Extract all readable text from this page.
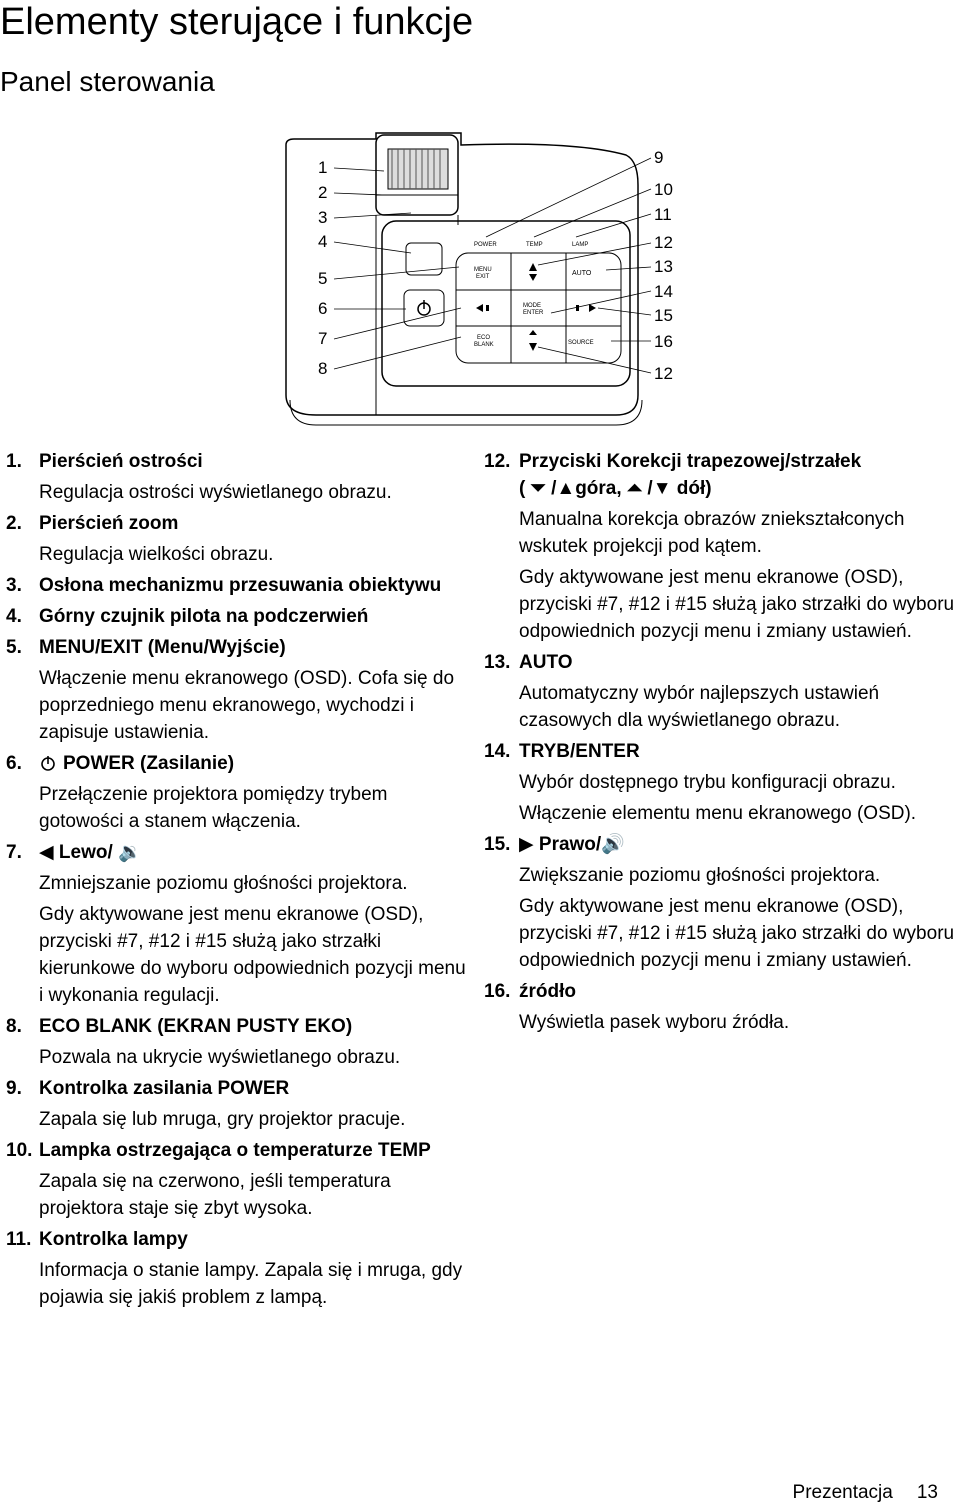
Elementy sterujące i funkcje
Panel sterowania
POWER	TEMP	LAMP
MENU EXIT	AUTO
MODE ENTER
ECO BLANK	SOURCE
1
2
3
4
5
6
7
8
9
10
11
12
13
14
15
16
12
1. Pierścień ostrości
Regulacja ostrości wyświetlanego obrazu.
2. Pierścień zoom
Regulacja wielkości obrazu.
3. Osłona mechanizmu przesuwania obiektywu
4. Górny czujnik pilota na podczerwień
5. MENU/EXIT (Menu/Wyjście)
Włączenie menu ekranowego (OSD). Cofa się do poprzedniego menu ekranowego, wychodzi i zapisuje ustawienia.
6.	POWER (Zasilanie)
Przełączenie projektora pomiędzy trybem gotowości a stanem włączenia.
7. ◀ Lewo/ 🔉
Zmniejszanie poziomu głośności projektora.
Gdy aktywowane jest menu ekranowe (OSD), przyciski #7, #12 i #15 służą jako strzałki kierunkowe do wyboru odpowiednich pozycji menu i wykonania regulacji.
8. ECO BLANK (EKRAN PUSTY EKO)
Pozwala na ukrycie wyświetlanego obrazu.
9. Kontrolka zasilania POWER
Zapala się lub mruga, gry projektor pracuje.
10. Lampka ostrzegająca o temperaturze TEMP
Zapala się na czerwono, jeśli temperatura projektora staje się zbyt wysoka.
11. Kontrolka lampy
Informacja o stanie lampy. Zapala się i mruga, gdy pojawia się jakiś problem z lampą.
12. Przyciski Korekcji trapezowej/strzałek
( ⏷ /▲góra, ⏶ /▼ dół)
Manualna korekcja obrazów zniekształconych wskutek projekcji pod kątem.
Gdy aktywowane jest menu ekranowe (OSD), przyciski #7, #12 i #15 służą jako strzałki do wyboru odpowiednich pozycji menu i zmiany ustawień.
13. AUTO
Automatyczny wybór najlepszych ustawień czasowych dla wyświetlanego obrazu.
14. TRYB/ENTER
Wybór dostępnego trybu konfiguracji obrazu.
Włączenie elementu menu ekranowego (OSD).
15. ▶ Prawo/🔊
Zwiększanie poziomu głośności projektora.
Gdy aktywowane jest menu ekranowe (OSD), przyciski #7, #12 i #15 służą jako strzałki do wyboru odpowiednich pozycji menu i zmiany ustawień.
16. źródło
Wyświetla pasek wyboru źródła.
Prezentacja 13
